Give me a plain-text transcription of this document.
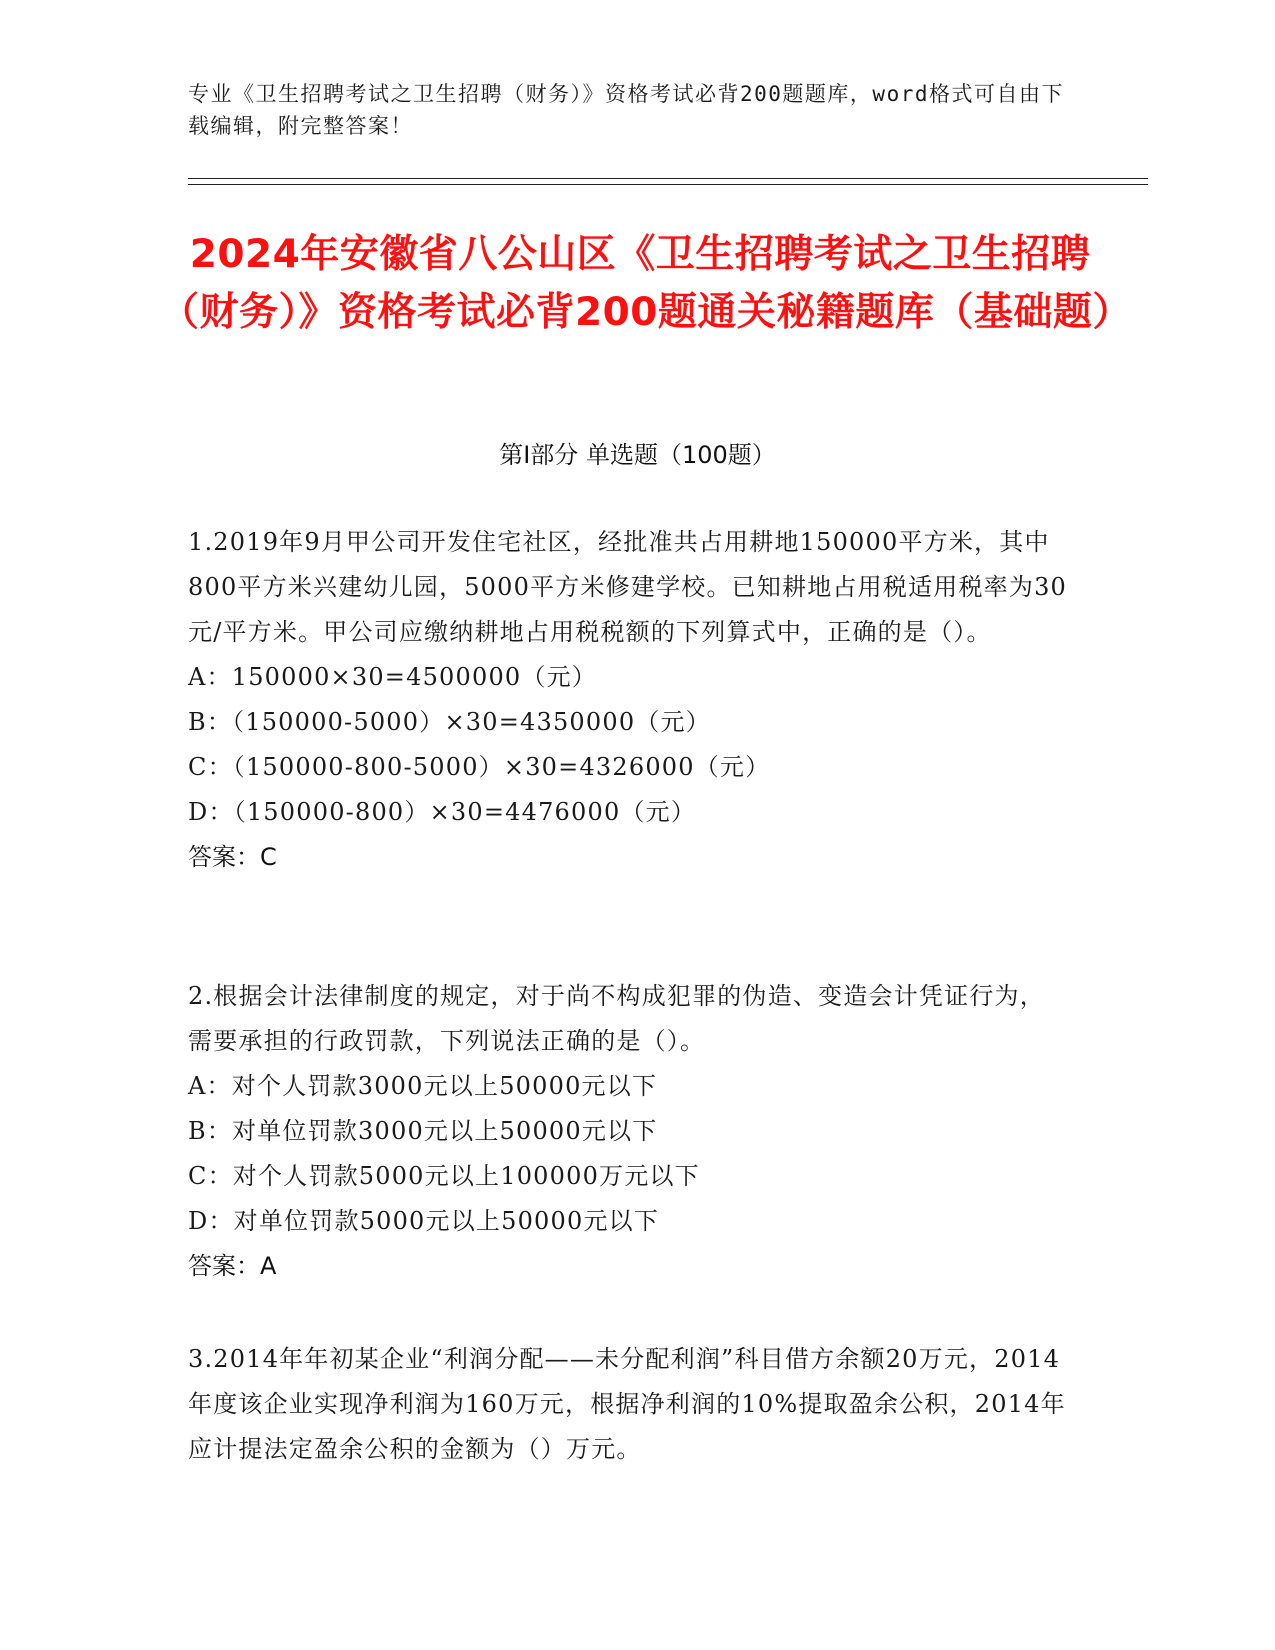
专业《卫生招聘考试之卫生招聘（财务）》资格考试必背200题题库，word格式可自由下载编辑，附完整答案！
2024年安徽省八公山区《卫生招聘考试之卫生招聘（财务）》资格考试必背200题通关秘籍题库（基础题）
第I部分 单选题（100题）

1.2019年9月甲公司开发住宅社区，经批准共占用耕地150000平方米，其中800平方米兴建幼儿园，5000平方米修建学校。已知耕地占用税适用税率为30元/平方米。甲公司应缴纳耕地占用税税额的下列算式中，正确的是（）。

A：150000×30=4500000（元）

B：（150000-5000）×30=4350000（元）

C：（150000-800-5000）×30=4326000（元）

D：（150000-800）×30=4476000（元）

答案：C

2.根据会计法律制度的规定，对于尚不构成犯罪的伪造、变造会计凭证行为，需要承担的行政罚款，下列说法正确的是（）。

A：对个人罚款3000元以上50000元以下

B：对单位罚款3000元以上50000元以下

C：对个人罚款5000元以上100000万元以下

D：对单位罚款5000元以上50000元以下

答案：A

3.2014年年初某企业“利润分配——未分配利润”科目借方余额20万元，2014年度该企业实现净利润为160万元，根据净利润的10%提取盈余公积，2014年应计提法定盈余公积的金额为（）万元。
